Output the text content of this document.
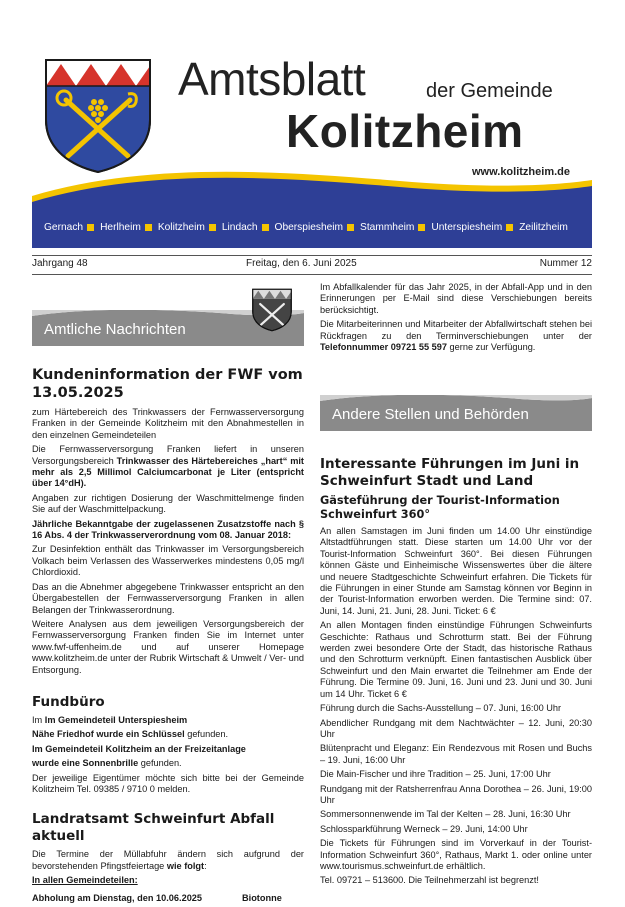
Amtsblatt	der Gemeinde
Kolitzheim
www.kolitzheim.de
Gernach Herlheim Kolitzheim Lindach Oberspiesheim Stammheim Unterspiesheim Zeilitzheim
Jahrgang 48	Freitag, den 6. Juni 2025	Nummer 12
Amtliche Nachrichten
Kundeninformation der FWF vom 13.05.2025

zum Härtebereich des Trinkwassers der Fernwasserversorgung Franken in der Gemeinde Kolitzheim mit den Abnahmestellen in den einzelnen Gemeindeteilen

Die Fernwasserversorgung Franken liefert in unseren Versorgungsbereich Trinkwasser des Härtebereiches „hart“ mit mehr als 2,5 Millimol Calciumcarbonat je Liter (entspricht über 14°dH).

Angaben zur richtigen Dosierung der Waschmittelmenge finden Sie auf der Waschmittelpackung.

Jährliche Bekanntgabe der zugelassenen Zusatzstoffe nach § 16 Abs. 4 der Trinkwasserverordnung vom 08. Januar 2018:

Zur Desinfektion enthält das Trinkwasser im Versorgungsbereich Volkach beim Verlassen des Wasserwerkes mindestens 0,05 mg/l Chlordioxid.

Das an die Abnehmer abgegebene Trinkwasser entspricht an den Übergabestellen der Fernwasserversorgung Franken in allen Belangen der Trinkwasserordnung.

Weitere Analysen aus dem jeweiligen Versorgungsbereich der Fernwasserversorgung Franken finden Sie im Internet unter www.fwf-uffenheim.de und auf unserer Homepage www.kolitzheim.de unter der Rubrik Wirtschaft & Umwelt / Ver- und Entsorgung.

Fundbüro

Im Im Gemeindeteil Unterspiesheim

Nähe Friedhof wurde ein Schlüssel gefunden.

Im Gemeindeteil Kolitzheim an der Freizeitanlage

wurde eine Sonnenbrille gefunden.

Der jeweilige Eigentümer möchte sich bitte bei der Gemeinde Kolitzheim Tel. 09385 / 9710 0 melden.

Landratsamt Schweinfurt Abfall aktuell

Die Termine der Müllabfuhr ändern sich aufgrund der bevorstehenden Pfingstfeiertage wie folgt:

In allen Gemeindeteilen:

Abholung am Dienstag, den 10.06.2025	Biotonne

Im Abfallkalender für das Jahr 2025, in der Abfall-App und in den Erinnerungen per E-Mail sind diese Verschiebungen bereits berücksichtigt.

Die Mitarbeiterinnen und Mitarbeiter der Abfallwirtschaft stehen bei Rückfragen zu den Terminverschiebungen unter der Telefonnummer 09721 55 597 gerne zur Verfügung.

Andere Stellen und Behörden
Interessante Führungen im Juni in Schweinfurt Stadt und Land
Gästeführung der Tourist-Information Schweinfurt 360°

An allen Samstagen im Juni finden um 14.00 Uhr einstündige Altstadtführungen statt. Diese starten um 14.00 Uhr vor der Tourist-Information Schweinfurt 360°. Bei diesen Führungen können Gäste und Einheimische Wissenswertes über die ältere und neuere Stadtgeschichte Schweinfurt erfahren. Die Tickets für die Führungen in einer Stunde am Samstag können vor Beginn in der Tourist-Information erworben werden. Die Termine sind: 07. Juni, 14. Juni, 21. Juni, 28. Juni. Ticket: 6 €

An allen Montagen finden einstündige Führungen Schweinfurts Geschichte: Rathaus und Schrotturm statt. Bei der Führung werden zwei besondere Orte der Stadt, das historische Rathaus und den Schrotturm verknüpft. Einen fantastischen Ausblick über Schweinfurt und den Main erwartet die Teilnehmer am Ende der Führung. Die Termine 09. Juni, 16. Juni und 23. Juni und 30. Juni um 14 Uhr. Ticket 6 €

Führung durch die Sachs-Ausstellung – 07. Juni, 16:00 Uhr

Abendlicher Rundgang mit dem Nachtwächter – 12. Juni, 20:30 Uhr

Blütenpracht und Eleganz: Ein Rendezvous mit Rosen und Buchs – 19. Juni, 16:00 Uhr

Die Main-Fischer und ihre Tradition – 25. Juni, 17:00 Uhr

Rundgang mit der Ratsherrenfrau Anna Dorothea – 26. Juni, 19:00 Uhr

Sommersonnenwende im Tal der Kelten – 28. Juni, 16:30 Uhr

Schlossparkführung Werneck – 29. Juni, 14:00 Uhr

Die Tickets für Führungen sind im Vorverkauf in der Tourist-Information Schweinfurt 360°, Rathaus, Markt 1. oder online unter www.tourismus.schweinfurt.de erhältlich.

Tel. 09721 – 513600. Die Teilnehmerzahl ist begrenzt!
